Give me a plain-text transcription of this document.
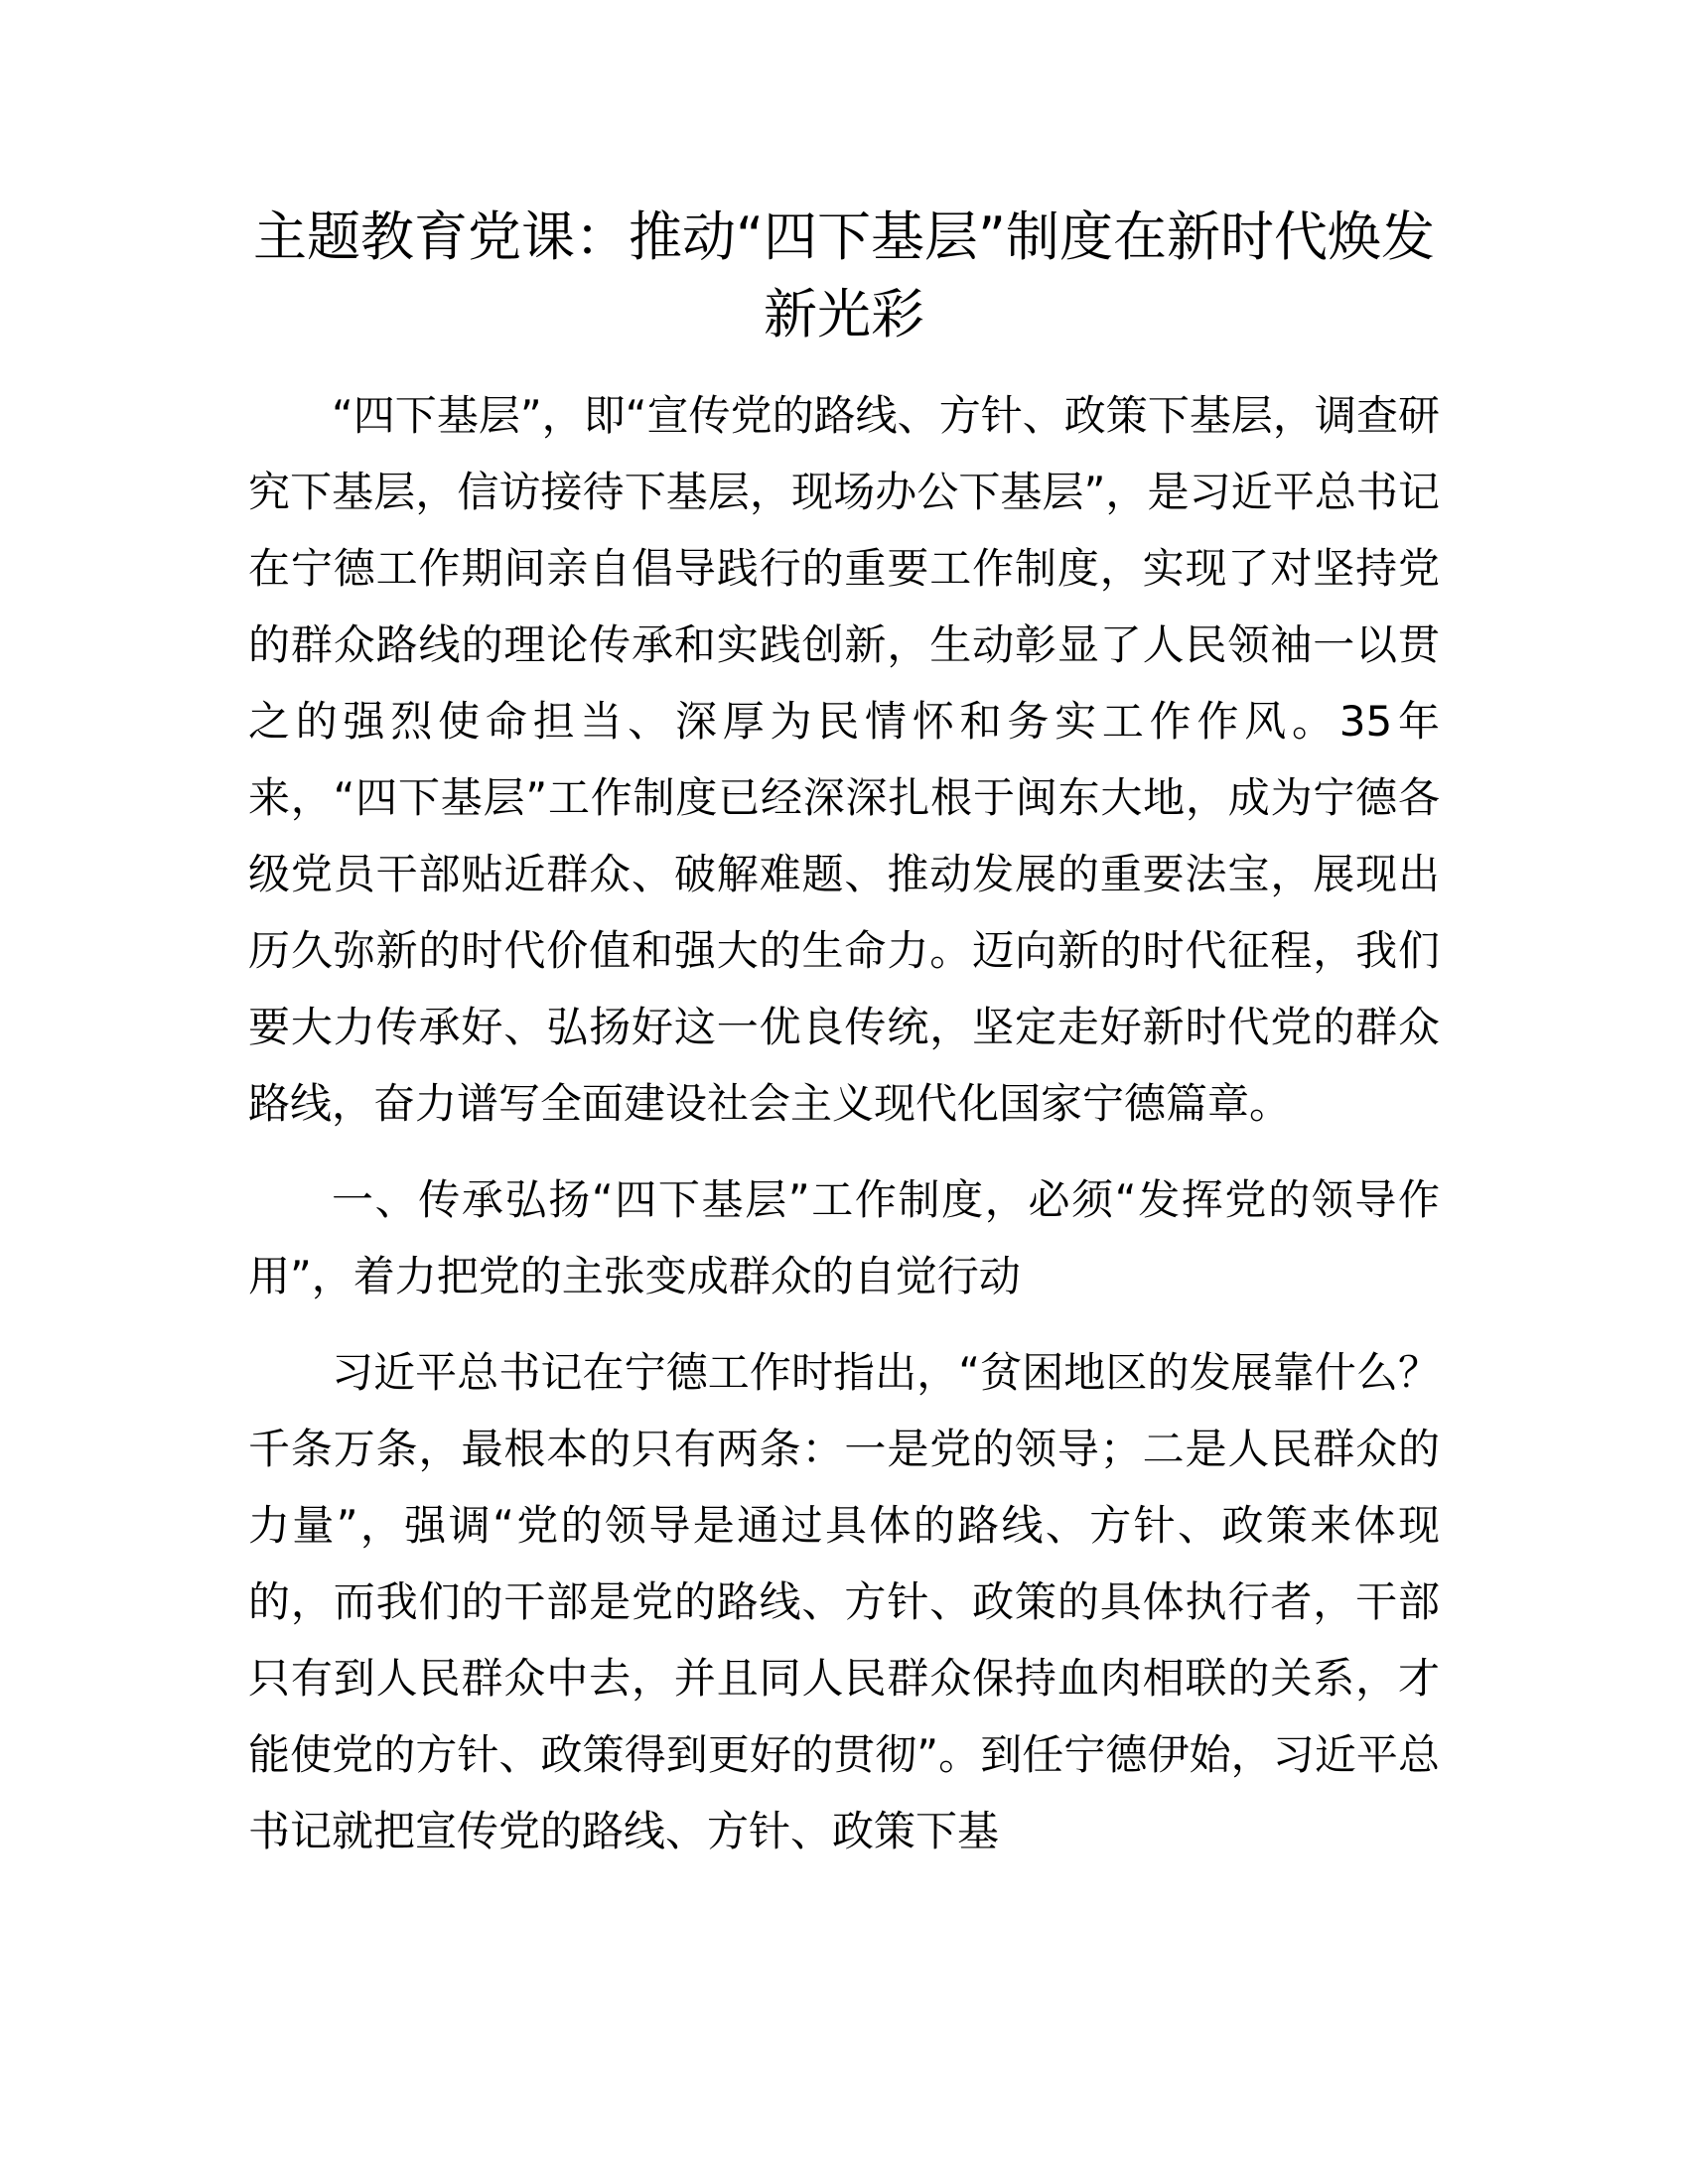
主题教育党课：推动“四下基层”制度在新时代焕发新光彩

“四下基层”，即“宣传党的路线、方针、政策下基层，调查研究下基层，信访接待下基层，现场办公下基层”，是习近平总书记在宁德工作期间亲自倡导践行的重要工作制度，实现了对坚持党的群众路线的理论传承和实践创新，生动彰显了人民领袖一以贯之的强烈使命担当、深厚为民情怀和务实工作作风。35年来，“四下基层”工作制度已经深深扎根于闽东大地，成为宁德各级党员干部贴近群众、破解难题、推动发展的重要法宝，展现出历久弥新的时代价值和强大的生命力。迈向新的时代征程，我们要大力传承好、弘扬好这一优良传统，坚定走好新时代党的群众路线，奋力谱写全面建设社会主义现代化国家宁德篇章。

一、传承弘扬“四下基层”工作制度，必须“发挥党的领导作用”，着力把党的主张变成群众的自觉行动

习近平总书记在宁德工作时指出，“贫困地区的发展靠什么？千条万条，最根本的只有两条：一是党的领导；二是人民群众的力量”，强调“党的领导是通过具体的路线、方针、政策来体现的，而我们的干部是党的路线、方针、政策的具体执行者，干部只有到人民群众中去，并且同人民群众保持血肉相联的关系，才能使党的方针、政策得到更好的贯彻”。到任宁德伊始，习近平总书记就把宣传党的路线、方针、政策下基
